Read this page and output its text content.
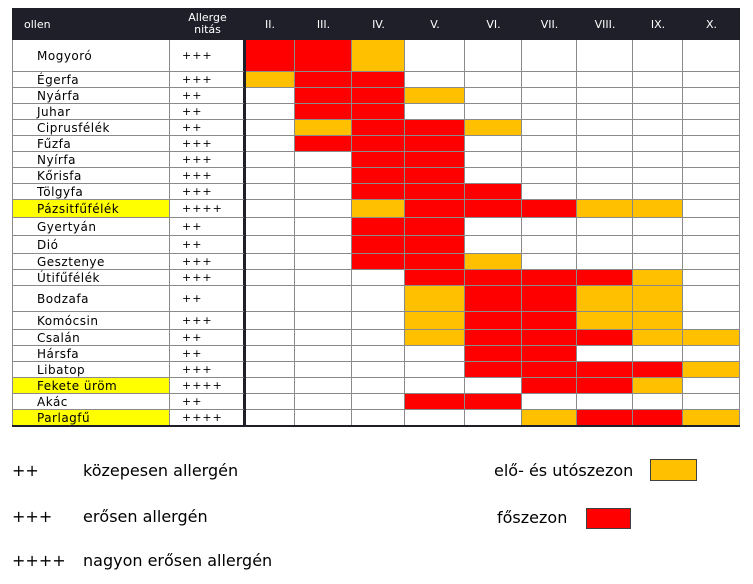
ollen	Allerge
nitás	II.	III.	IV.	V.	VI.	VII.	VIII.	IX.	X.
Mogyoró	+++
Égerfa	+++
Nyárfa	++
Juhar	++
Ciprusfélék	++
Fűzfa	+++
Nyírfa	+++
Kőrisfa	+++
Tölgyfa	+++
Pázsitfűfélék	++++
Gyertyán	++
Dió	++
Gesztenye	+++
Útifűfélék	+++
Bodzafa	++
Komócsin	+++
Csalán	++
Hársfa	++
Libatop	+++
Fekete üröm	++++
Akác	++
Parlagfű	++++
++	közepesen allergén
+++ erősen allergén
++++ nagyon erősen allergén
elő- és utószezon
főszezon
